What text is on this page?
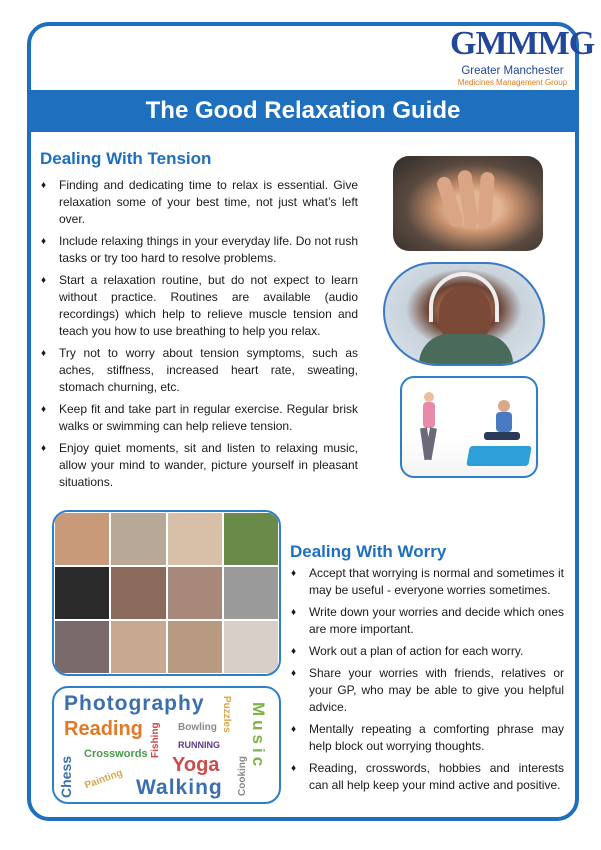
GMMMG
Greater Manchester
Medicines Management Group
The Good Relaxation Guide
Dealing With Tension
♦ Finding and dedicating time to relax is essential. Give relaxation some of your best time, not just what’s left over.
♦ Include relaxing things in your everyday life. Do not rush tasks or try too hard to resolve problems.
♦ Start a relaxation routine, but do not expect to learn without practice. Routines are available (audio recordings) which help to relieve muscle tension and teach you how to use breathing to help you relax.
♦ Try not to worry about tension symptoms, such as aches, stiffness, increased heart rate, sweating, stomach churning, etc.
♦ Keep fit and take part in regular exercise. Regular brisk walks or swimming can help relieve tension.
♦ Enjoy quiet moments, sit and listen to relaxing music, allow your mind to wander, picture yourself in pleasant situations.
Photography
Reading
Crosswords
Chess Painting Walking
Yoga
Fishing Bowling
RUNNING
Puzzles
Cooking
Music
Dealing With Worry
♦ Accept that worrying is normal and sometimes it may be useful - everyone worries sometimes.
♦ Write down your worries and decide which ones are more important.
♦ Work out a plan of action for each worry.
♦ Share your worries with friends, relatives or your GP, who may be able to give you helpful advice.
♦ Mentally repeating a comforting phrase may help block out worrying thoughts.
♦ Reading, crosswords, hobbies and interests can all help keep your mind active and positive.
